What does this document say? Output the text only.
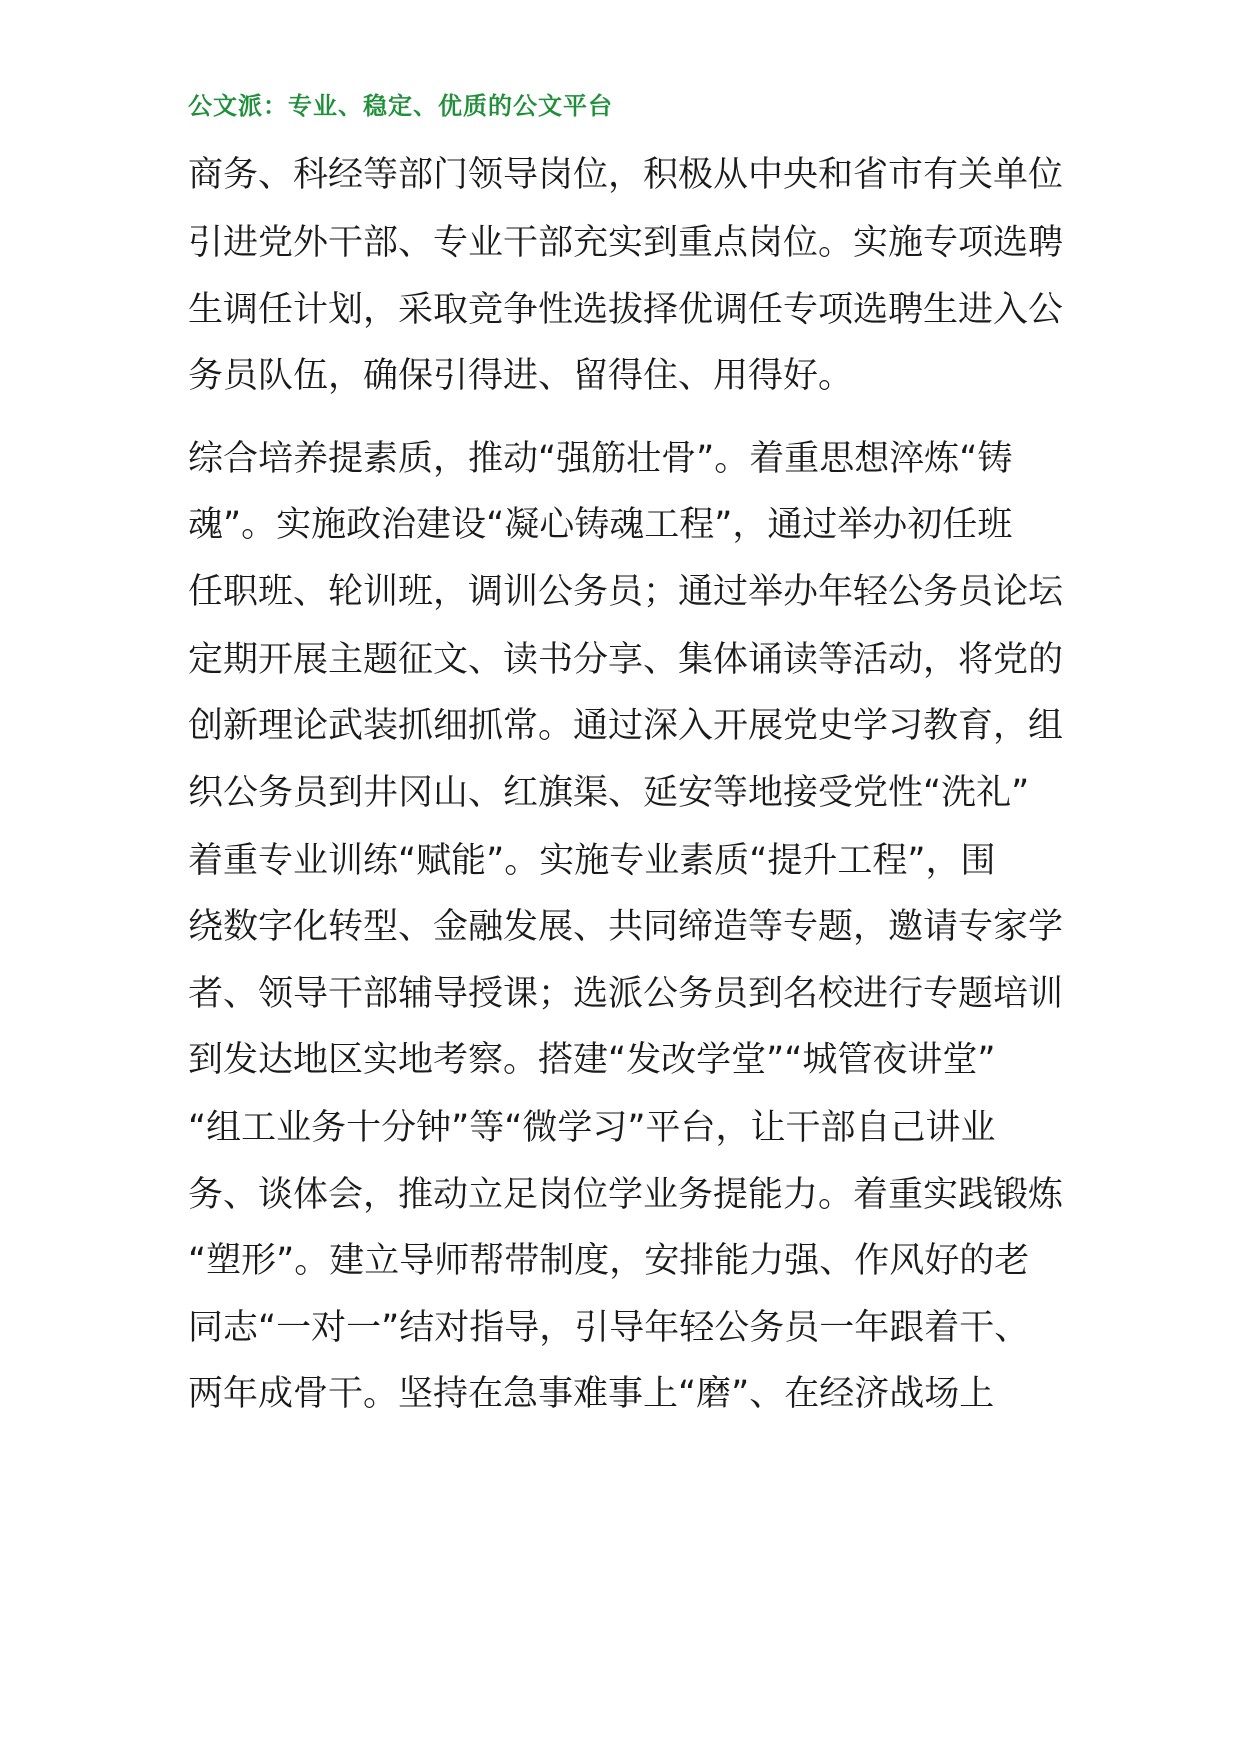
公文派：专业、稳定、优质的公文平台
商务、科经等部门领导岗位，积极从中央和省市有关单位
引进党外干部、专业干部充实到重点岗位。实施专项选聘
生调任计划，采取竞争性选拔择优调任专项选聘生进入公
务员队伍，确保引得进、留得住、用得好。
综合培养提素质，推动“强筋壮骨”。着重思想淬炼“铸
魂”。实施政治建设“凝心铸魂工程”，通过举办初任班
任职班、轮训班，调训公务员；通过举办年轻公务员论坛
定期开展主题征文、读书分享、集体诵读等活动，将党的
创新理论武装抓细抓常。通过深入开展党史学习教育，组
织公务员到井冈山、红旗渠、延安等地接受党性“洗礼”
着重专业训练“赋能”。实施专业素质“提升工程”，围
绕数字化转型、金融发展、共同缔造等专题，邀请专家学
者、领导干部辅导授课；选派公务员到名校进行专题培训
到发达地区实地考察。搭建“发改学堂”“城管夜讲堂”
“组工业务十分钟”等“微学习”平台，让干部自己讲业
务、谈体会，推动立足岗位学业务提能力。着重实践锻炼
“塑形”。建立导师帮带制度，安排能力强、作风好的老
同志“一对一”结对指导，引导年轻公务员一年跟着干、
两年成骨干。坚持在急事难事上“磨”、在经济战场上
